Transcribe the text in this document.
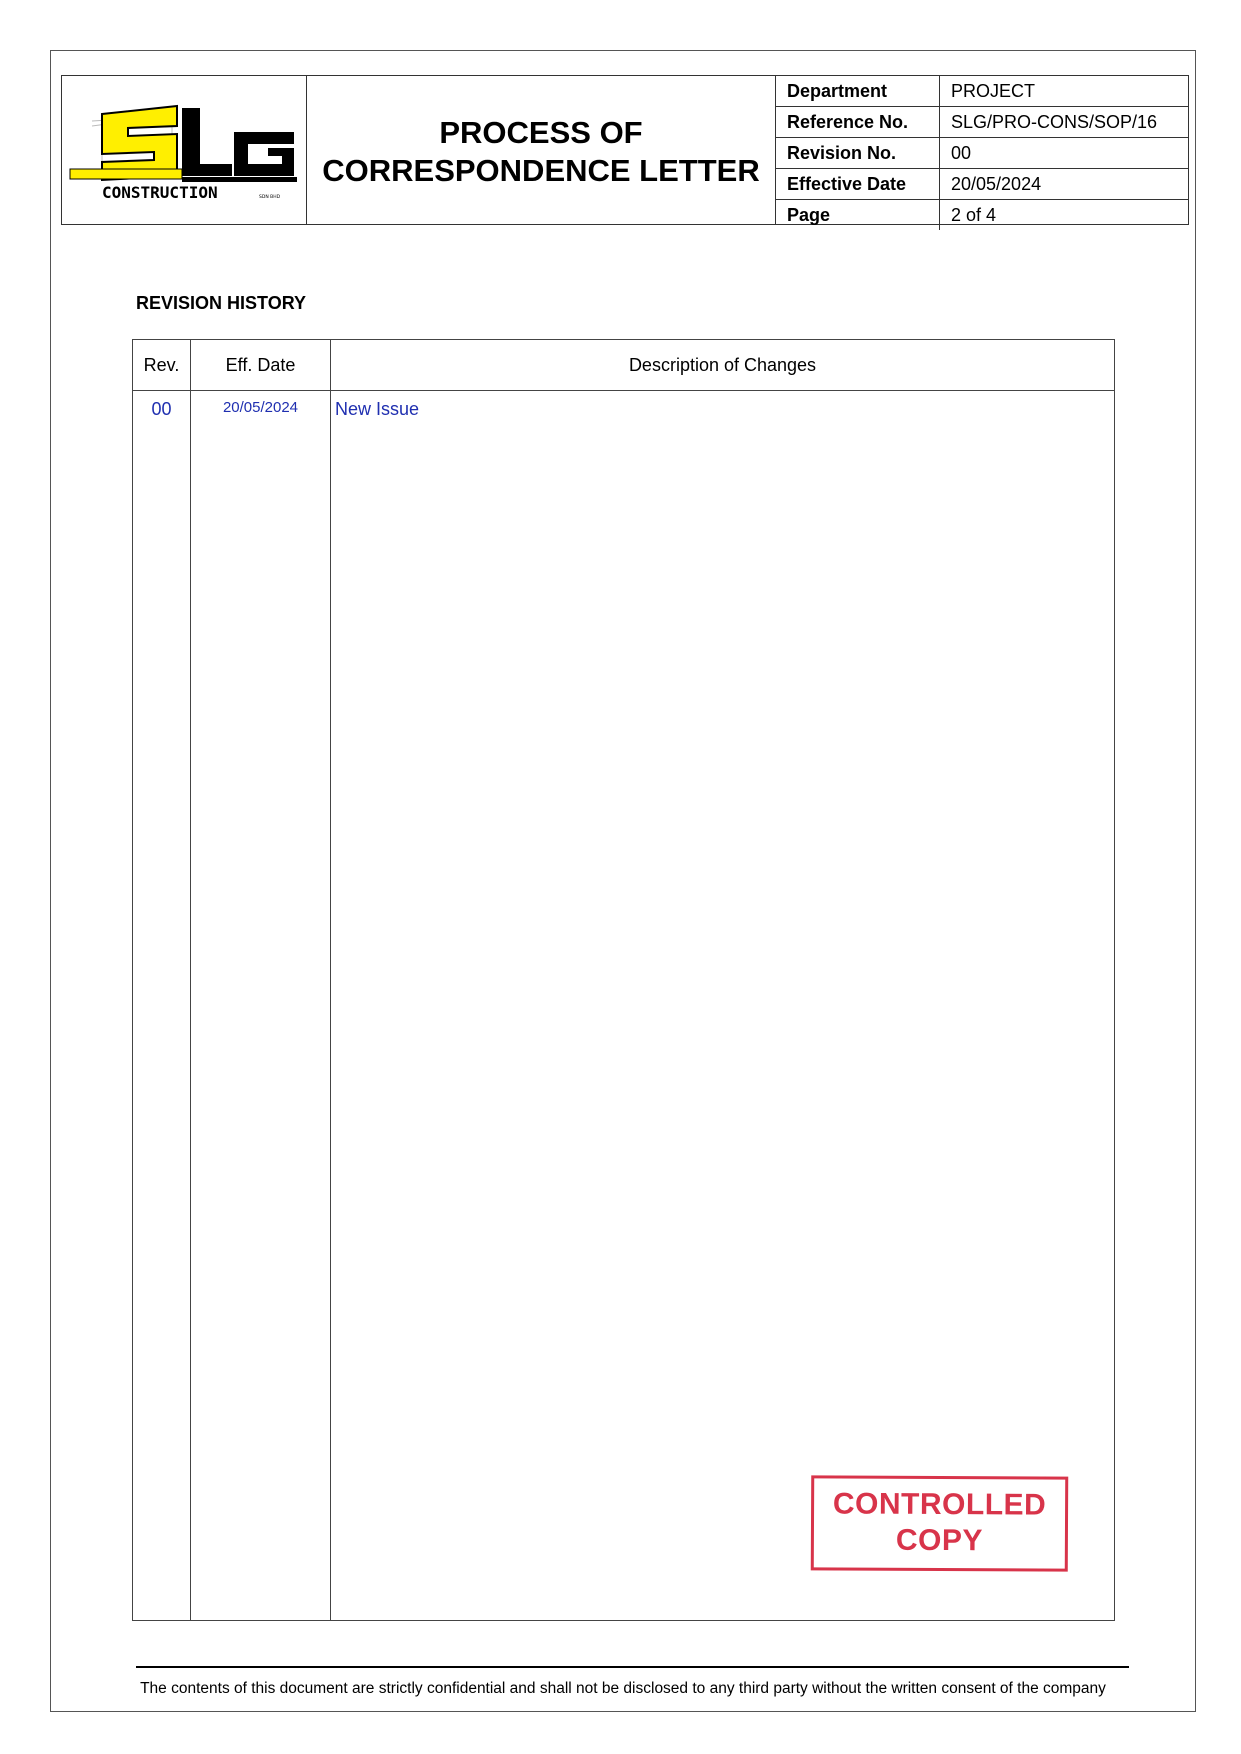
CONSTRUCTION	SDN BHD
PROCESS OF CORRESPONDENCE LETTER
Department	PROJECT
Reference No.	SLG/PRO-CONS/SOP/16
Revision No.	00
Effective Date	20/05/2024
Page	2 of 4
REVISION HISTORY
Rev.	Eff. Date	Description of Changes
00	20/05/2024	New Issue
CONTROLLED
COPY
The contents of this document are strictly confidential and shall not be disclosed to any third party without the written consent of the company
